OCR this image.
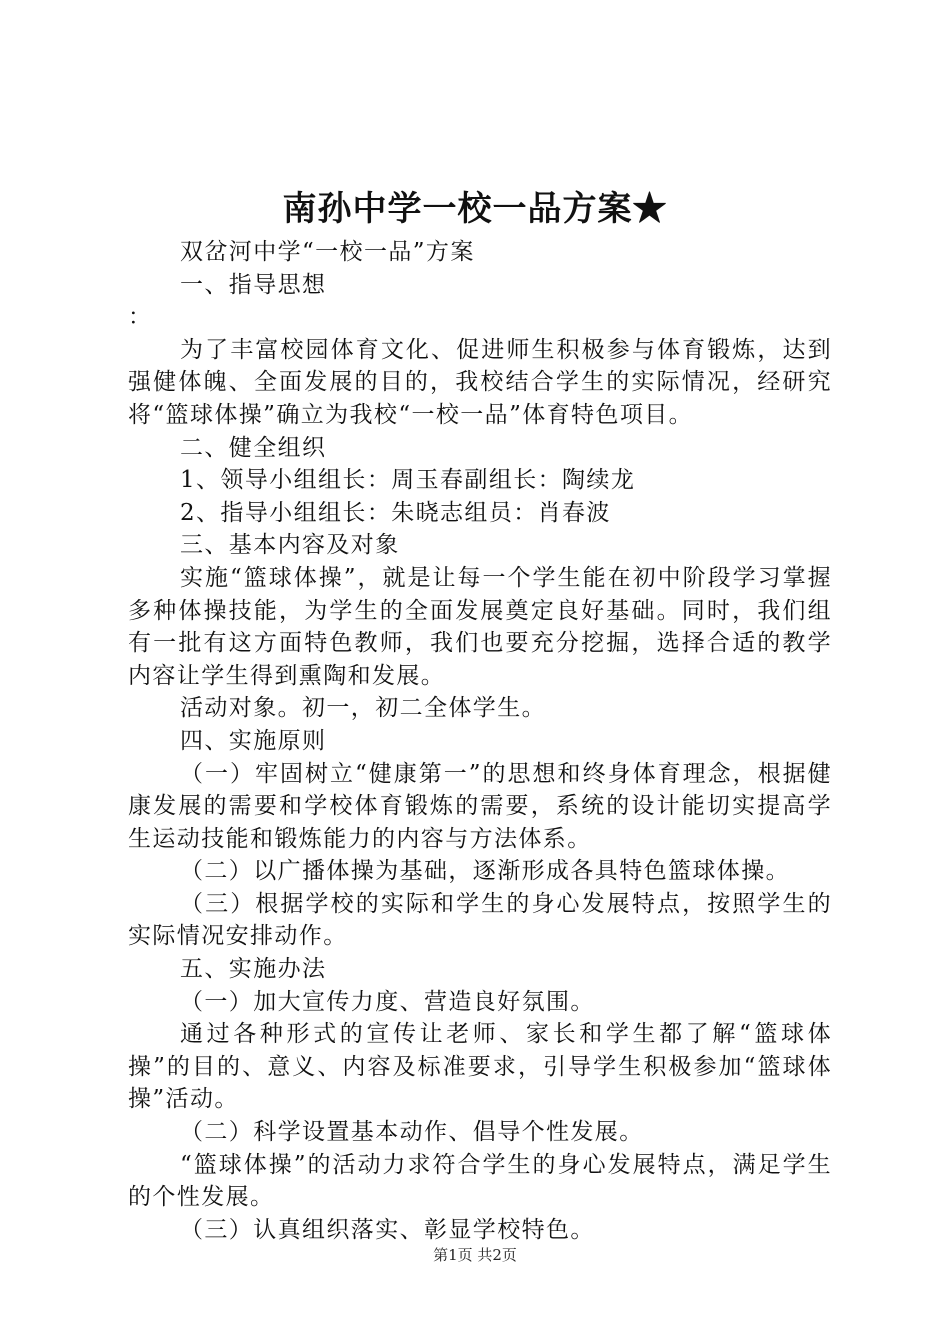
南孙中学一校一品方案★

双岔河中学“一校一品”方案

一、指导思想

：

为了丰富校园体育文化、促进师生积极参与体育锻炼，达到强健体魄、全面发展的目的，我校结合学生的实际情况，经研究将“篮球体操”确立为我校“一校一品”体育特色项目。

二、健全组织

1、领导小组组长：周玉春副组长：陶续龙

2、指导小组组长：朱晓志组员：肖春波

三、基本内容及对象

实施“篮球体操”，就是让每一个学生能在初中阶段学习掌握多种体操技能，为学生的全面发展奠定良好基础。同时，我们组有一批有这方面特色教师，我们也要充分挖掘，选择合适的教学内容让学生得到熏陶和发展。

活动对象。初一，初二全体学生。

四、实施原则

（一）牢固树立“健康第一”的思想和终身体育理念，根据健康发展的需要和学校体育锻炼的需要，系统的设计能切实提高学生运动技能和锻炼能力的内容与方法体系。

（二）以广播体操为基础，逐渐形成各具特色篮球体操。

（三）根据学校的实际和学生的身心发展特点，按照学生的实际情况安排动作。

五、实施办法

（一）加大宣传力度、营造良好氛围。

通过各种形式的宣传让老师、家长和学生都了解“篮球体操”的目的、意义、内容及标准要求，引导学生积极参加“篮球体操”活动。

（二）科学设置基本动作、倡导个性发展。

“篮球体操”的活动力求符合学生的身心发展特点，满足学生的个性发展。

（三）认真组织落实、彰显学校特色。

第1页 共2页
